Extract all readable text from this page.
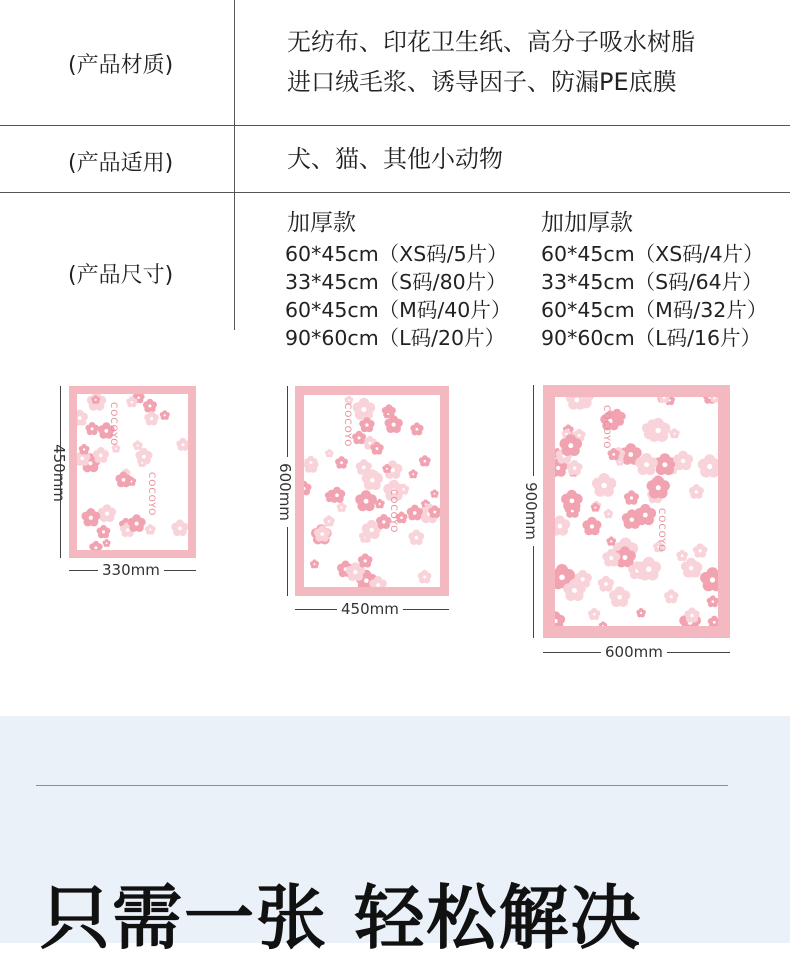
(产品材质)
无纺布、印花卫生纸、高分子吸水树脂
进口绒毛浆、诱导因子、防漏PE底膜
(产品适用)	犬、猫、其他小动物
(产品尺寸)
加厚款
60*45cm（XS码/5片）
33*45cm（S码/80片）
60*45cm（M码/40片）
90*60cm（L码/20片）
加加厚款
60*45cm（XS码/4片）
33*45cm（S码/64片）
60*45cm（M码/32片）
90*60cm（L码/16片）
COCOYO
COCOYO
450mm
330mm
COCOYO
COCOYO
600mm
450mm
COCOYO
COCOYO
900mm
600mm
只需一张 轻松解决
